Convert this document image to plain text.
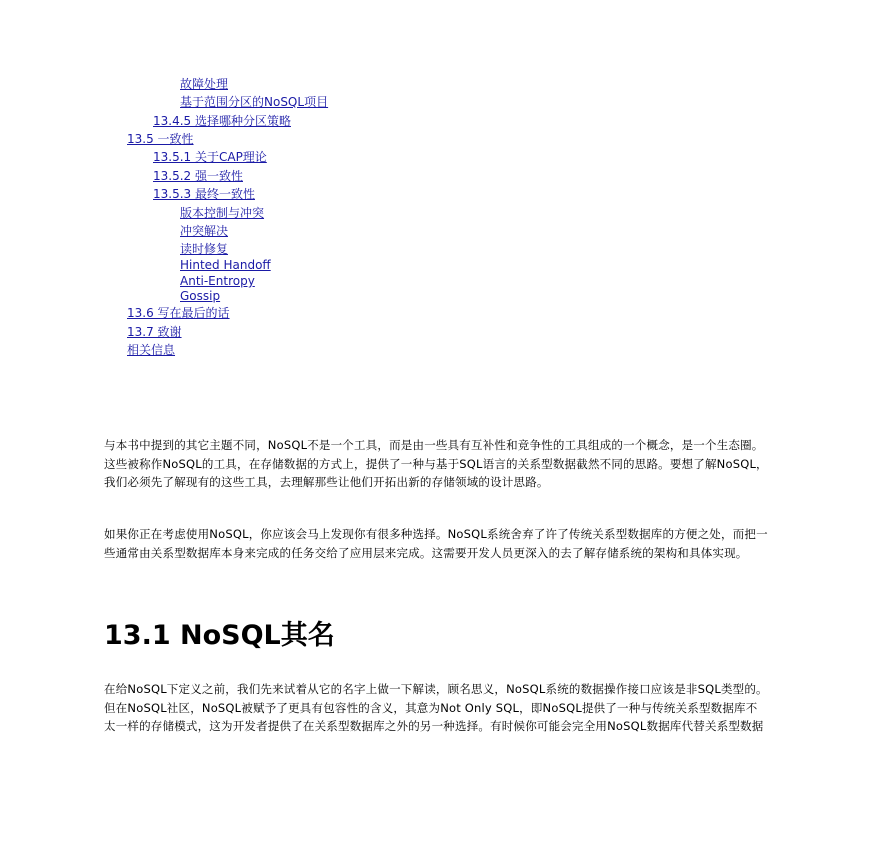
故障处理
基于范围分区的NoSQL项目
13.4.5 选择哪种分区策略
13.5 一致性
13.5.1 关于CAP理论
13.5.2 强一致性
13.5.3 最终一致性
版本控制与冲突
冲突解决
读时修复
Hinted Handoff
Anti-Entropy
Gossip
13.6 写在最后的话
13.7 致谢
相关信息

与本书中提到的其它主题不同，NoSQL不是一个工具，而是由一些具有互补性和竞争性的工具组成的一个概念，是一个生态圈。这些被称作NoSQL的工具，在存储数据的方式上，提供了一种与基于SQL语言的关系型数据截然不同的思路。要想了解NoSQL，我们必须先了解现有的这些工具，去理解那些让他们开拓出新的存储领域的设计思路。

如果你正在考虑使用NoSQL，你应该会马上发现你有很多种选择。NoSQL系统舍弃了许了传统关系型数据库的方便之处，而把一些通常由关系型数据库本身来完成的任务交给了应用层来完成。这需要开发人员更深入的去了解存储系统的架构和具体实现。

13.1 NoSQL其名

在给NoSQL下定义之前，我们先来试着从它的名字上做一下解读，顾名思义，NoSQL系统的数据操作接口应该是非SQL类型的。但在NoSQL社区，NoSQL被赋予了更具有包容性的含义，其意为Not Only SQL，即NoSQL提供了一种与传统关系型数据库不太一样的存储模式，这为开发者提供了在关系型数据库之外的另一种选择。有时候你可能会完全用NoSQL数据库代替关系型数据
